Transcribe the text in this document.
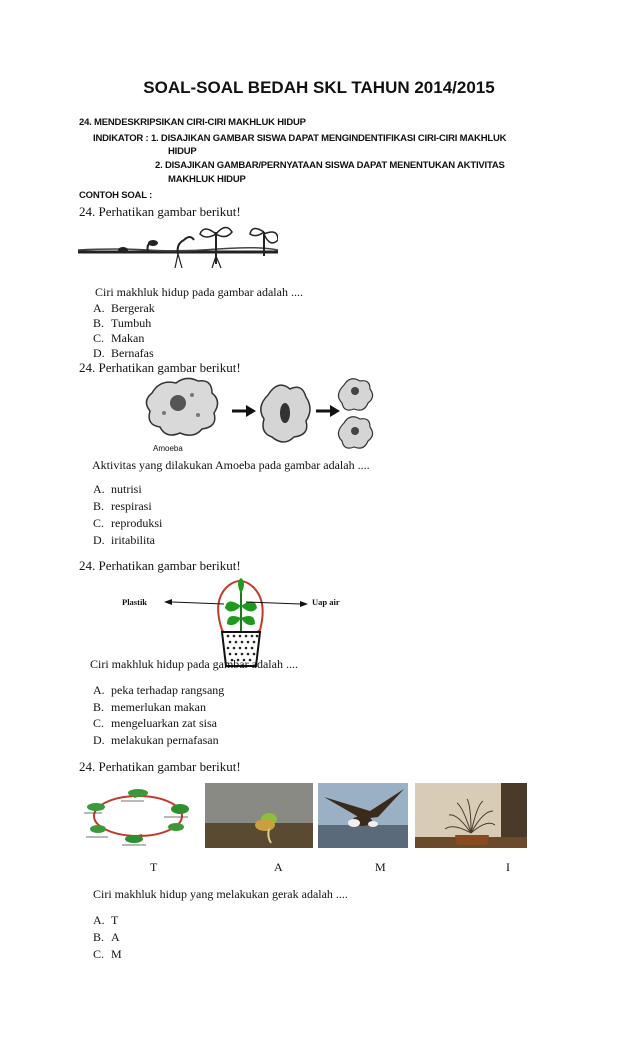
SOAL-SOAL BEDAH SKL TAHUN 2014/2015
24. MENDESKRIPSIKAN CIRI-CIRI MAKHLUK HIDUP
INDIKATOR : 1. DISAJIKAN GAMBAR SISWA DAPAT MENGINDENTIFIKASI CIRI-CIRI MAKHLUK
HIDUP
2. DISAJIKAN GAMBAR/PERNYATAAN SISWA DAPAT MENENTUKAN AKTIVITAS
MAKHLUK HIDUP
CONTOH SOAL :
24. Perhatikan gambar berikut!
Ciri makhluk hidup pada gambar adalah ....
A. Bergerak
B. Tumbuh
C. Makan
D. Bernafas
24. Perhatikan gambar berikut!
Amoeba
Aktivitas yang dilakukan Amoeba pada gambar adalah ....
A. nutrisi
B. respirasi
C. reproduksi
D. iritabilita
24. Perhatikan gambar berikut!
Plastik	Uap air
Ciri makhluk hidup pada gambar adalah ....
A. peka terhadap rangsang
B. memerlukan makan
C. mengeluarkan zat sisa
D. melakukan pernafasan
24. Perhatikan gambar berikut!
T	A	M	I
Ciri makhluk hidup yang melakukan gerak adalah ....
A. T
B. A
C. M
